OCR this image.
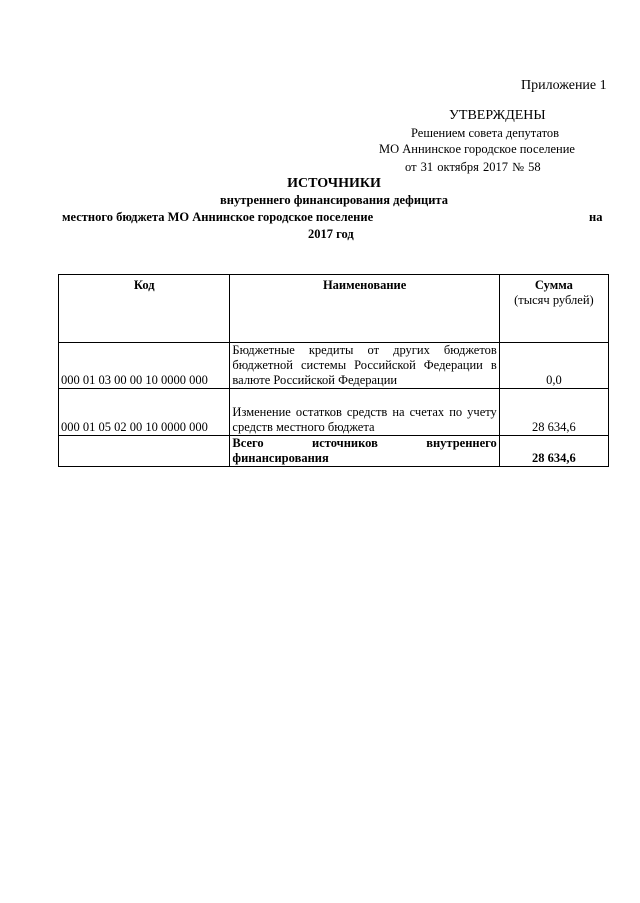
Приложение 1
УТВЕРЖДЕНЫ
Решением совета депутатов
МО Аннинское городское поселение
от 31 октября 2017 № 58
ИСТОЧНИКИ
внутреннего финансирования дефицита
местного бюджета МО Аннинское городское поселение	на
2017 год
Код	Наименование	Сумма
(тысяч рублей)

000 01 03 00 00 10 0000 000	Бюджетные кредиты от других бюджетов бюджетной системы Российской Федерации в валюте Российской Федерации	0,0
000 01 05 02 00 10 0000 000	Изменение остатков средств на счетах по учету средств местного бюджета	28 634,6
	Всего источников внутреннего финансирования	28 634,6
